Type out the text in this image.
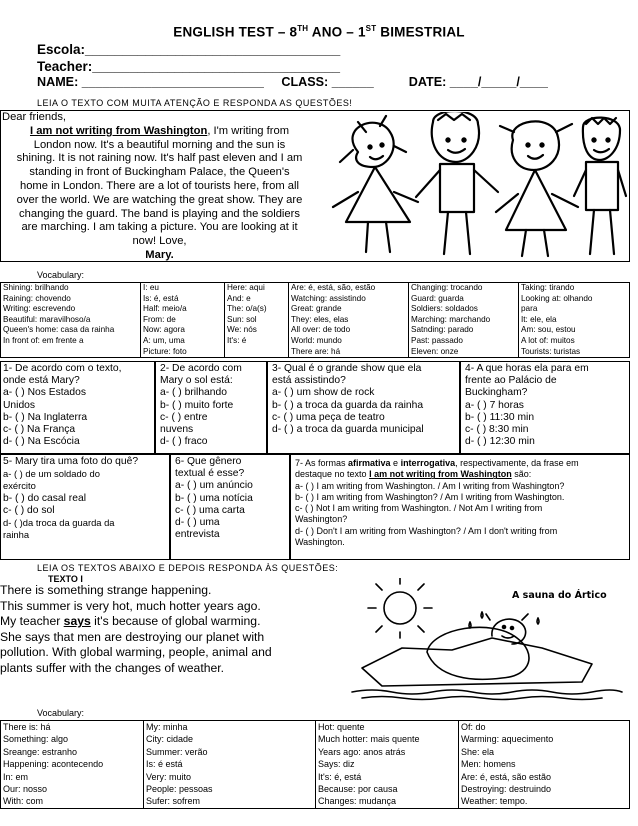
ENGLISH TEST – 8TH ANO – 1ST BIMESTRIAL
Escola:__________________________________
Teacher:_________________________________
NAME: __________________________     CLASS: ______          DATE: ____/_____/____
LEIA O TEXTO COM MUITA ATENÇÃO E RESPONDA AS QUESTÕES!
Dear friends,
I am not writing from Washington, I'm writing from
London now. It's a beautiful morning and the sun is
shining. It is not raining now. It's half past eleven and I am
standing in front of Buckingham Palace, the Queen's
home in London. There are a lot of tourists here, from all
over the world. We are watching the great show. They are
changing the guard. The band is playing and the soldiers
are marching. I am taking a picture. You are looking at it
now! Love,
Mary.
Vocabulary:
Shining: brilhando
Raining: chovendo
Writing: escrevendo
Beautiful: maravilhoso/a
Queen's home: casa da rainha
In front of: em frente a

I: eu
Is: é, está
Half: meio/a
From: de
Now: agora
A: um, uma
Picture: foto

Here: aqui
And: e
The: o/a(s)
Sun: sol
We: nós
It's: é

Are: é, está, são, estão
Watching: assistindo
Great: grande
They: eles, elas
All over: de todo
World: mundo
There are: há

Changing: trocando
Guard: guarda
Soldiers: soldados
Marching: marchando
Satnding: parado
Past: passado
Eleven: onze

Taking: tirando
Looking at: olhando
para
It: ele, ela
Am: sou, estou
A lot of: muitos
Tourists: turistas
1- De acordo com o texto,
onde está Mary?
a- ( ) Nos Estados
Unidos
b- ( ) Na Inglaterra
c- ( ) Na França
d- ( ) Na Escócia
2- De acordo com
Mary o sol está:
a- ( ) brilhando
b- ( ) muito forte
c- ( ) entre
nuvens
d- ( ) fraco
3- Qual é o grande show que ela
está assistindo?
a- ( ) um show de rock
b- ( ) a troca da guarda da rainha
c- ( ) uma peça de teatro
d- ( ) a troca da guarda municipal
4- A que horas ela para em
frente ao Palácio de
Buckingham?
a- ( ) 7 horas
b- ( ) 11:30 min
c- ( ) 8:30 min
d- ( ) 12:30 min
5- Mary tira uma foto do quê?
a- ( ) de um soldado do
exército
b- ( ) do casal real
c- ( ) do sol
d- ( )da troca da guarda da
rainha
6- Que gênero
textual é esse?
a- ( ) um anúncio
b- ( ) uma notícia
c- ( ) uma carta
d- ( ) uma
entrevista
7- As formas afirmativa e interrogativa, respectivamente, da frase em
destaque no texto I am not writing from Washington são:
a- ( ) I am writing from Washington. / Am I writing from Washington?
b- ( ) I am writing from Washington? / Am I writing from Washington.
c- ( ) Not I am writing from Washington. / Not Am I writing from
Washington?
d- ( ) Don't I am writing from Washington? / Am I don't writing from
Washington.
LEIA OS TEXTOS ABAIXO E DEPOIS RESPONDA ÀS QUESTÕES:
TEXTO I
There is something strange happening.
This summer is very hot, much hotter years ago.
My teacher says it's because of global warming.
She says that men are destroying our planet with
pollution. With global warming, people, animal and
plants suffer with the changes of weather.
A sauna do Ártico
Vocabulary:
There is: há
Something: algo
Sreange: estranho
Happening: acontecendo
In: em
Our: nosso
With: com

My: minha
City: cidade
Summer: verão
Is: é está
Very: muito
People: pessoas
Sufer: sofrem

Hot: quente
Much hotter: mais quente
Years ago: anos atrás
Says: diz
It's: é, está
Because: por causa
Changes: mudança

Of: do
Warming: aquecimento
She: ela
Men: homens
Are: é, está, são estão
Destroying: destruindo
Weather: tempo.
